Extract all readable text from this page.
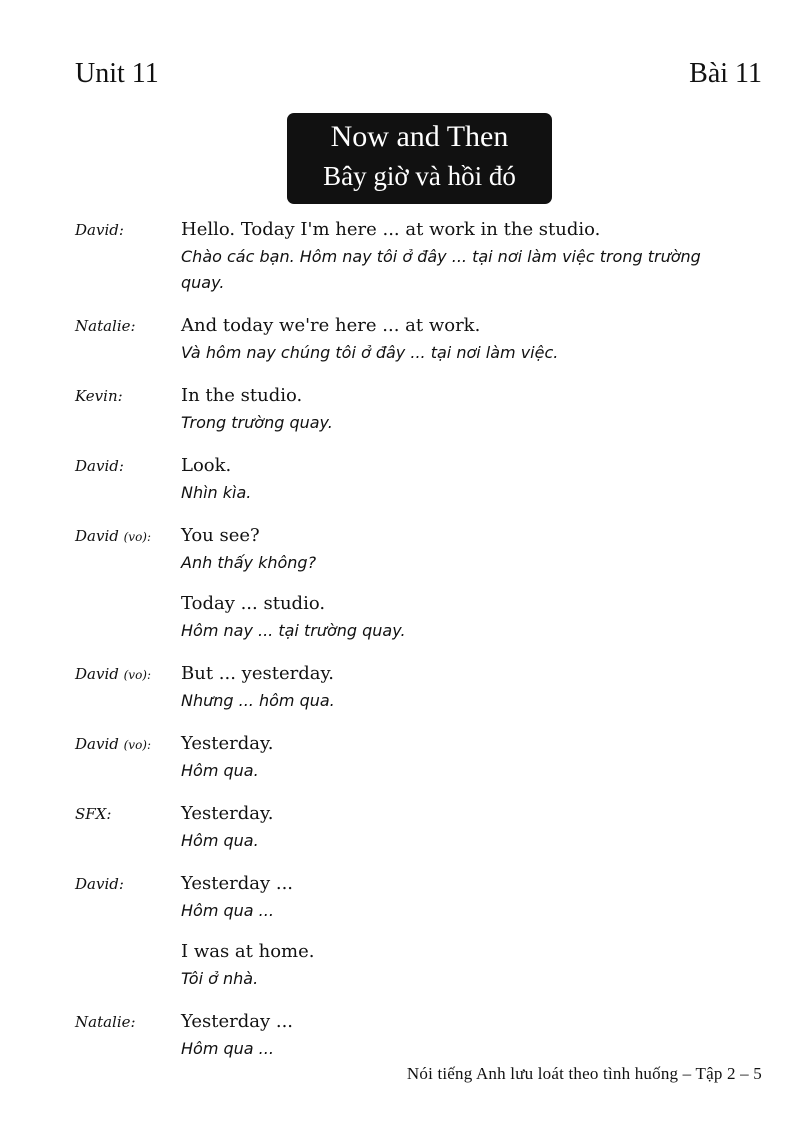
Unit 11	Bài 11
Now and Then
Bây giờ và hồi đó
David:	Hello. Today I'm here ... at work in the studio.
Chào các bạn. Hôm nay tôi ở đây ... tại nơi làm việc trong trường quay.
Natalie:	And today we're here ... at work.
Và hôm nay chúng tôi ở đây ... tại nơi làm việc.
Kevin:	In the studio.
Trong trường quay.
David:	Look.
Nhìn kìa.
David (vo):	You see?
Anh thấy không?
Today ... studio.
Hôm nay ... tại trường quay.
David (vo):	But ... yesterday.
Nhưng ... hôm qua.
David (vo):	Yesterday.
Hôm qua.
SFX:	Yesterday.
Hôm qua.
David:	Yesterday ...
Hôm qua ...
I was at home.
Tôi ở nhà.
Natalie:	Yesterday ...
Hôm qua ...
Nói tiếng Anh lưu loát theo tình huống – Tập 2 – 5
